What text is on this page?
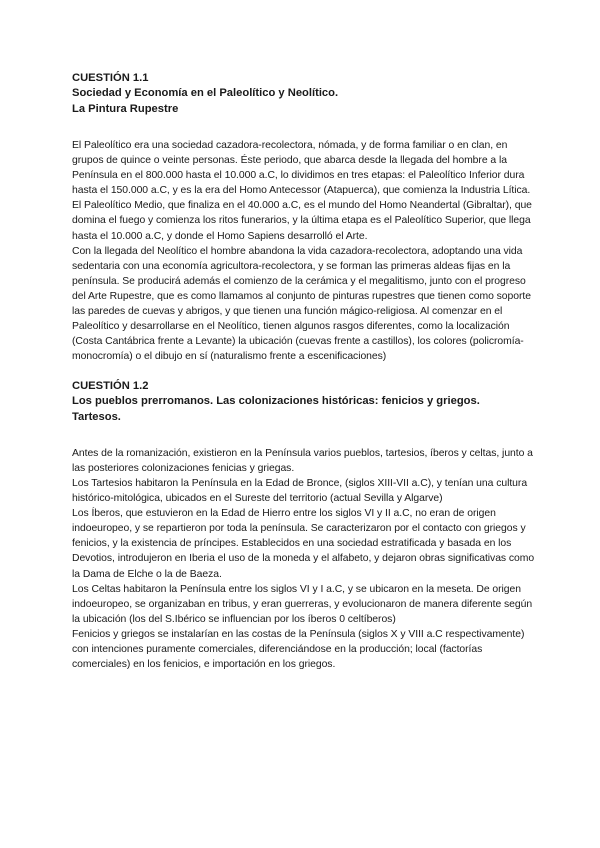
CUESTIÓN 1.1

Sociedad y Economía en el Paleolítico y Neolítico.

La Pintura Rupestre

El Paleolítico era una sociedad cazadora-recolectora, nómada, y de forma familiar o en clan, en grupos de quince o veinte personas. Éste periodo, que abarca desde la llegada del hombre a la Península en el 800.000 hasta el 10.000 a.C, lo dividimos en tres etapas: el Paleolítico Inferior dura hasta el 150.000 a.C, y es la era del Homo Antecessor (Atapuerca), que comienza la Industria Lítica. El Paleolítico Medio, que finaliza en el 40.000 a.C, es el mundo del Homo Neandertal (Gibraltar), que domina el fuego y comienza los ritos funerarios, y la última etapa es el Paleolítico Superior, que llega hasta el 10.000 a.C, y donde el Homo Sapiens desarrolló el Arte.

Con la llegada del Neolítico el hombre abandona la vida cazadora-recolectora, adoptando una vida sedentaria con una economía agricultora-recolectora, y se forman las primeras aldeas fijas en la península. Se producirá además el comienzo de la cerámica y el megalitismo, junto con el progreso del Arte Rupestre, que es como llamamos al conjunto de pinturas rupestres que tienen como soporte las paredes de cuevas y abrigos, y que tienen una función mágico-religiosa. Al comenzar en el Paleolítico y desarrollarse en el Neolítico, tienen algunos rasgos diferentes, como la localización (Costa Cantábrica frente a Levante) la ubicación (cuevas frente a castillos), los colores (policromía-monocromía) o el dibujo en sí (naturalismo frente a escenificaciones)

CUESTIÓN 1.2

Los pueblos prerromanos. Las colonizaciones históricas: fenicios y griegos.

Tartesos.

Antes de la romanización, existieron en la Península varios pueblos, tartesios, íberos y celtas, junto a las posteriores colonizaciones fenicias y griegas.

Los Tartesios habitaron la Península en la Edad de Bronce, (siglos XIII-VII a.C), y tenían una cultura histórico-mitológica, ubicados en el Sureste del territorio (actual Sevilla y Algarve)

Los Íberos, que estuvieron en la Edad de Hierro entre los siglos VI y II a.C, no eran de origen indoeuropeo, y se repartieron por toda la península. Se caracterizaron por el contacto con griegos y fenicios, y la existencia de príncipes. Establecidos en una sociedad estratificada y basada en los Devotios, introdujeron en Iberia el uso de la moneda y el alfabeto, y dejaron obras significativas como la Dama de Elche o la de Baeza.

Los Celtas habitaron la Península entre los siglos VI y I a.C, y se ubicaron en la meseta. De origen indoeuropeo, se organizaban en tribus, y eran guerreras, y evolucionaron de manera diferente según la ubicación (los del S.Ibérico se influencian por los íberos 0 celtíberos)

Fenicios y griegos se instalarían en las costas de la Península (siglos X y VIII a.C respectivamente) con intenciones puramente comerciales, diferenciándose en la producción; local (factorías comerciales) en los fenicios, e importación en los griegos.
